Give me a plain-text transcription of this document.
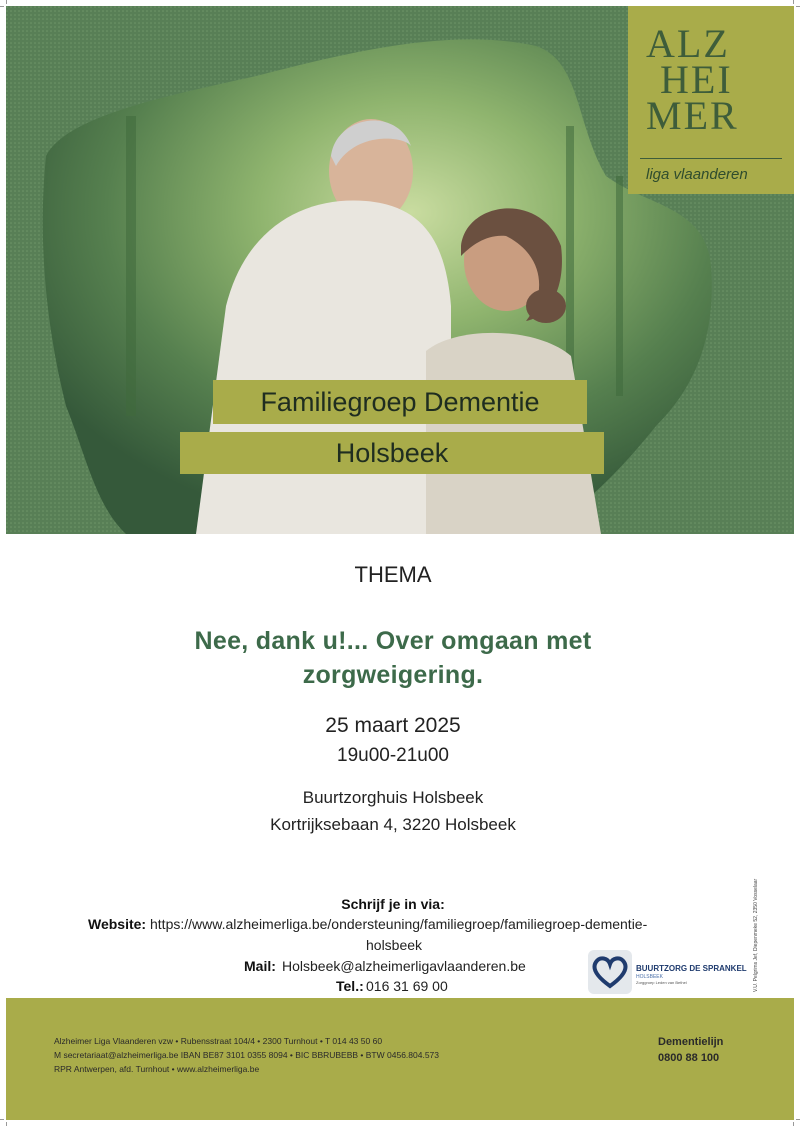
ALZ
HEI
MER
liga vlaanderen
Familiegroep Dementie
Holsbeek
THEMA
Nee, dank u!... Over omgaan met zorgweigering.
25 maart 2025
19u00-21u00
Buurtzorghuis Holsbeek
Kortrijksebaan 4, 3220 Holsbeek
Schrijf je in via:
Website: https://www.alzheimerliga.be/ondersteuning/familiegroep/familiegroep-dementie-
holsbeek
Mail: Holsbeek@alzheimerligavlaanderen.be
Tel.: 016 31 69 00
BUURTZORG DE SPRANKEL
HOLSBEEK
Zorggroep Leden van Bethel	V.U. Pelgrims Jef, Diepenmeke 52, 2350 Vosselaar
Alzheimer Liga Vlaanderen vzw • Rubensstraat 104/4 • 2300 Turnhout • T 014 43 50 60
M secretariaat@alzheimerliga.be IBAN BE87 3101 0355 8094 • BIC BBRUBEBB • BTW 0456.804.573
RPR Antwerpen, afd. Turnhout • www.alzheimerliga.be
Dementielijn
0800 88 100
